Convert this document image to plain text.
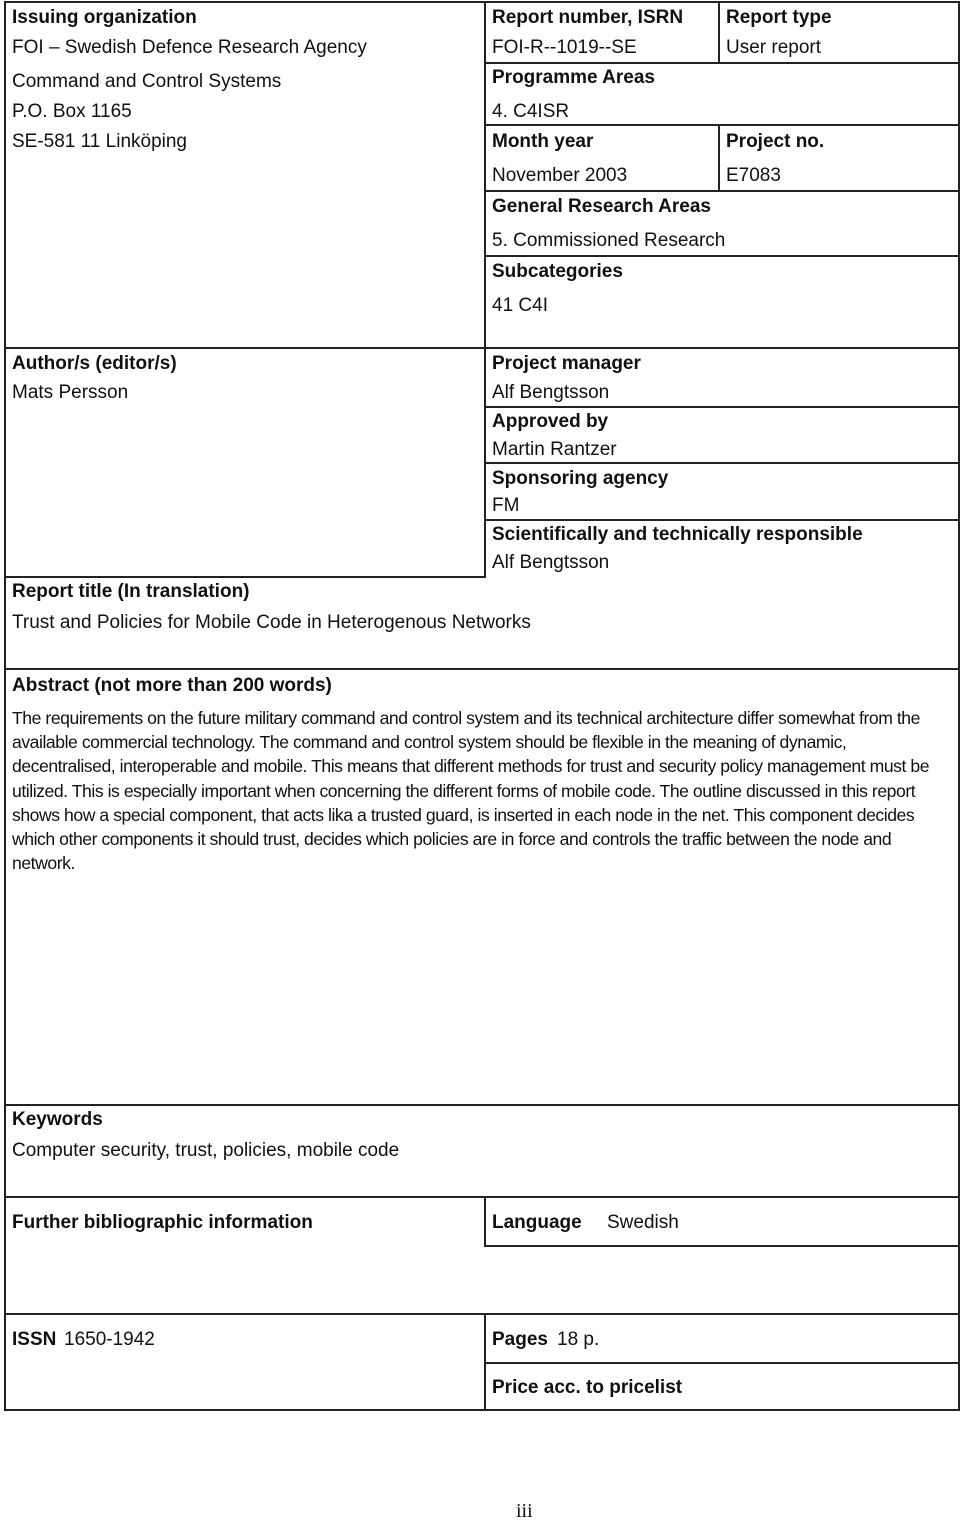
Issuing organization
FOI – Swedish Defence Research Agency
Command and Control Systems
P.O. Box 1165
SE-581 11 Linköping
Report number, ISRN
FOI-R--1019--SE
Report type
User report
Programme Areas
4. C4ISR
Month year
November 2003
Project no.
E7083
General Research Areas
5. Commissioned Research
Subcategories
41 C4I
Author/s (editor/s)
Mats Persson
Project manager
Alf Bengtsson
Approved by
Martin Rantzer
Sponsoring agency
FM
Scientifically and technically responsible
Alf Bengtsson
Report title (In translation)
Trust and Policies for Mobile Code in Heterogenous Networks
Abstract (not more than 200 words)
The requirements on the future military command and control system and its technical architecture differ somewhat from the available commercial technology. The command and control system should be flexible in the meaning of dynamic, decentralised, interoperable and mobile. This means that different methods for trust and security policy management must be utilized. This is especially important when concerning the different forms of mobile code. The outline discussed in this report shows how a special component, that acts lika a trusted guard, is inserted in each node in the net. This component decides which other components it should trust, decides which policies are in force and controls the traffic between the node and network.
Keywords
Computer security, trust, policies, mobile code
Further bibliographic information	Language Swedish
ISSN 1650-1942	Pages 18 p.
Price acc. to pricelist
iii
